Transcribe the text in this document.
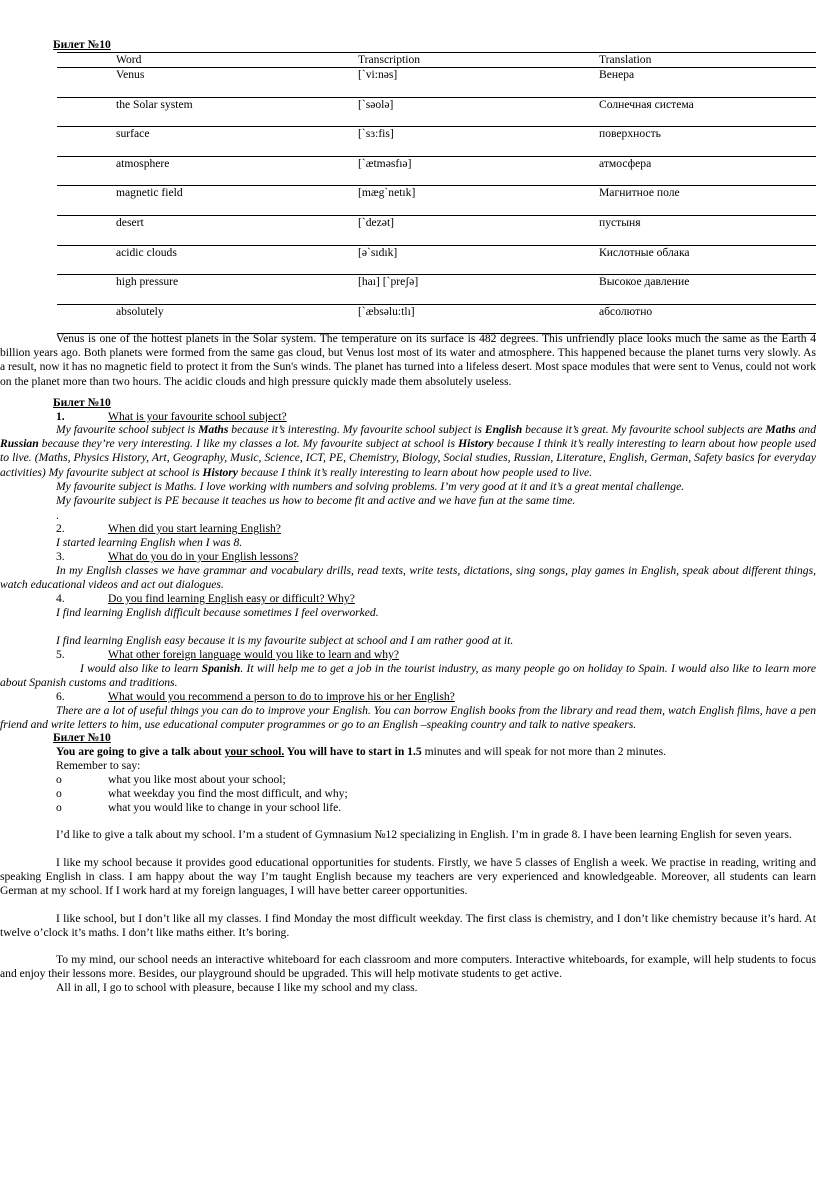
Билет №10
	Word	Transcription	Translation
	Venus	[`vi:nəs]	Венера
	the Solar system	[`səolə]	Солнечная система
	surface	[`sɜ:fis]	поверхность
	atmosphere	[`ætməsfıə]	атмосфера
	magnetic field	[mæg`netık]	Магнитное поле
	desert	[`dezət]	пустыня
	acidic clouds	[ə`sıdık]	Кислотные облака
	high pressure	[haı] [`preʃə]	Высокое давление
	absolutely	[`æbsəlu:tlı]	абсолютно
Venus is one of the hottest planets in the Solar system. The temperature on its surface is 482 degrees. This unfriendly place looks much the same as the Earth 4 billion years ago. Both planets were formed from the same gas cloud, but Venus lost most of its water and atmosphere. This happened because the planet turns very slowly. As a result, now it has no magnetic field to protect it from the Sun's winds. The planet has turned into a lifeless desert. Most space modules that were sent to Venus, could not work on the planet more than two hours. The acidic clouds and high pressure quickly made them absolutely useless.
Билет №10
1.	What is your favourite school subject?
My favourite school subject is Maths because it’s interesting. My favourite school subject is English because it’s great. My favourite school subjects are Maths and Russian because they’re very interesting. I like my classes a lot. My favourite subject at school is History because I think it’s really interesting to learn about how people used to live. (Maths, Physics History, Art, Geography, Music, Science, ICT, PE, Chemistry, Biology, Social studies, Russian, Literature, English, German, Safety basics for everyday activities) My favourite subject at school is History because I think it’s really interesting to learn about how people used to live.
My favourite subject is Maths. I love working with numbers and solving problems. I’m very good at it and it’s a great mental challenge.
My favourite subject is PE because it teaches us how to become fit and active and we have fun at the same time.
.
2.	When did you start learning English?
I started learning English when I was 8.
3.	What do you do in your English lessons?
In my English classes we have grammar and vocabulary drills, read texts, write tests, dictations, sing songs, play games in English, speak about different things, watch educational videos and act out dialogues.
4.	Do you find learning English easy or difficult? Why?
I find learning English difficult because sometimes I feel overworked.
I find learning English easy because it is my favourite subject at school and I am rather good at it.
5.	What other foreign language would you like to learn and why?
I would also like to learn Spanish. It will help me to get a job in the tourist industry, as many people go on holiday to Spain. I would also like to learn more about Spanish customs and traditions.
6.	What would you recommend a person to do to improve his or her English?
There are a lot of useful things you can do to improve your English. You can borrow English books from the library and read them, watch English films, have a pen friend and write letters to him, use educational computer programmes or go to an English –speaking country and talk to native speakers.
Билет №10
You are going to give a talk about your school. You will have to start in 1.5 minutes and will speak for not more than 2 minutes.
Remember to say:
o	what you like most about your school;
o	what weekday you find the most difficult, and why;
o	what you would like to change in your school life.
I’d like to give a talk about my school. I’m a student of Gymnasium №12 specializing in English. I’m in grade 8. I have been learning English for seven years.
I like my school because it provides good educational opportunities for students. Firstly, we have 5 classes of English a week. We practise in reading, writing and speaking English in class. I am happy about the way I’m taught English because my teachers are very experienced and knowledgeable. Moreover, all students can learn German at my school. If I work hard at my foreign languages, I will have better career opportunities.
I like school, but I don’t like all my classes. I find Monday the most difficult weekday. The first class is chemistry, and I don’t like chemistry because it’s hard. At twelve o’clock it’s maths. I don’t like maths either. It’s boring.
To my mind, our school needs an interactive whiteboard for each classroom and more computers. Interactive whiteboards, for example, will help students to focus and enjoy their lessons more. Besides, our playground should be upgraded. This will help motivate students to get active.
All in all, I go to school with pleasure, because I like my school and my class.
